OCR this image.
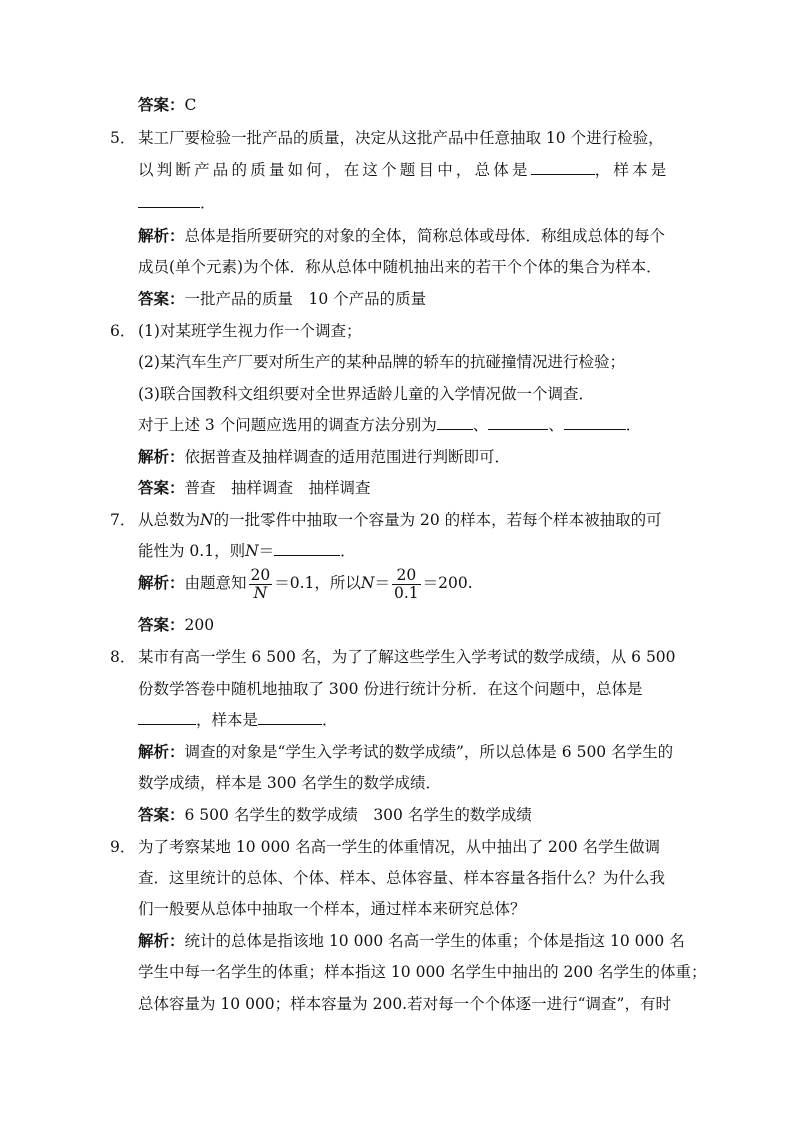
答案：C
5． 某工厂要检验一批产品的质量，决定从这批产品中任意抽取 10 个进行检验，
以判断产品的质量如何，在这个题目中，总体是	，样本是
．
解析：总体是指所要研究的对象的全体，简称总体或母体．称组成总体的每个
成员(单个元素)为个体．称从总体中随机抽出来的若干个个体的集合为样本．
答案：一批产品的质量　10 个产品的质量
6． (1)对某班学生视力作一个调查；
(2)某汽车生产厂要对所生产的某种品牌的轿车的抗碰撞情况进行检验；
(3)联合国教科文组织要对全世界适龄儿童的入学情况做一个调查．
对于上述 3 个问题应选用的调查方法分别为 、	、	．
解析：依据普查及抽样调查的适用范围进行判断即可．
答案：普查　抽样调查　抽样调查
7． 从总数为N的一批零件中抽取一个容量为 20 的样本，若每个样本被抽取的可
能性为 0.1，则N＝	．
解析：由题意知 $\frac{20}{N} =0.1$，所以$N= \frac{20}{0.1} =200$.
答案：200
8． 某市有高一学生 6 500 名，为了了解这些学生入学考试的数学成绩，从 6 500
份数学答卷中随机地抽取了 300 份进行统计分析．在这个问题中，总体是
，样本是	．
解析：调查的对象是“学生入学考试的数学成绩”，所以总体是 6 500 名学生的
数学成绩，样本是 300 名学生的数学成绩．
答案：6 500 名学生的数学成绩　300 名学生的数学成绩
9． 为了考察某地 10 000 名高一学生的体重情况，从中抽出了 200 名学生做调
查．这里统计的总体、个体、样本、总体容量、样本容量各指什么？为什么我
们一般要从总体中抽取一个样本，通过样本来研究总体？
解析：统计的总体是指该地 10 000 名高一学生的体重；个体是指这 10 000 名
学生中每一名学生的体重；样本指这 10 000 名学生中抽出的 200 名学生的体重；
总体容量为 10 000；样本容量为 200.若对每一个个体逐一进行“调查”，有时
